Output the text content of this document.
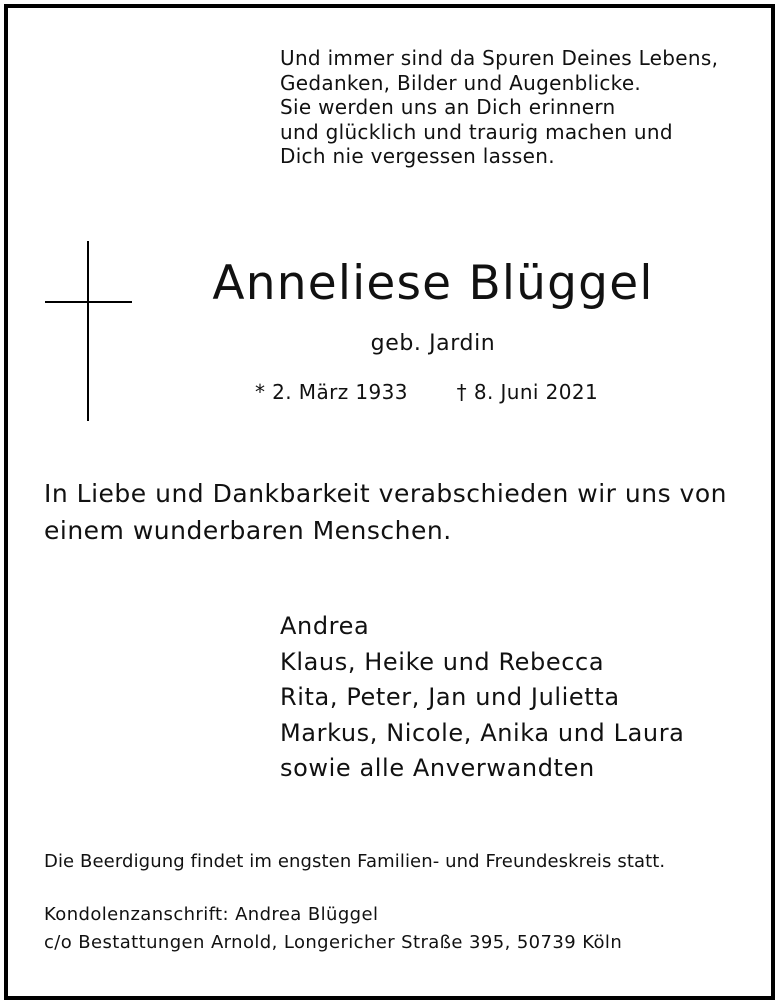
Und immer sind da Spuren Deines Lebens,
Gedanken, Bilder und Augenblicke.
Sie werden uns an Dich erinnern
und glücklich und traurig machen und
Dich nie vergessen lassen.
Anneliese Blüggel
geb. Jardin
* 2. März 1933 † 8. Juni 2021
In Liebe und Dankbarkeit verabschieden wir uns von
einem wunderbaren Menschen.
Andrea
Klaus, Heike und Rebecca
Rita, Peter, Jan und Julietta
Markus, Nicole, Anika und Laura
sowie alle Anverwandten
Die Beerdigung findet im engsten Familien- und Freundeskreis statt.
Kondolenzanschrift: Andrea Blüggel
c/o Bestattungen Arnold, Longericher Straße 395, 50739 Köln
